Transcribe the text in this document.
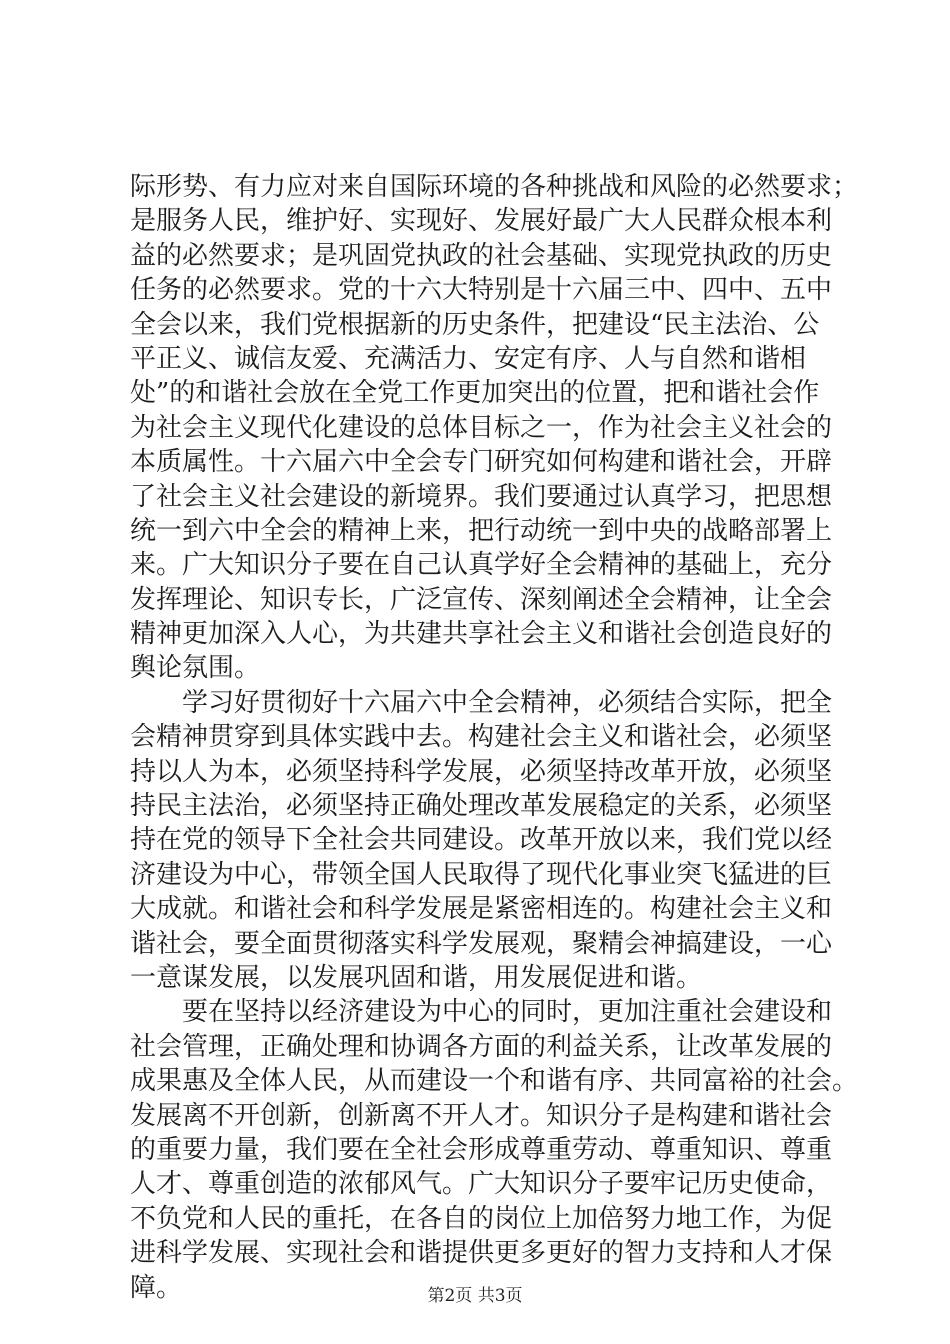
际形势、有力应对来自国际环境的各种挑战和风险的必然要求；
是服务人民，维护好、实现好、发展好最广大人民群众根本利
益的必然要求；是巩固党执政的社会基础、实现党执政的历史
任务的必然要求。党的十六大特别是十六届三中、四中、五中
全会以来，我们党根据新的历史条件，把建设“民主法治、公
平正义、诚信友爱、充满活力、安定有序、人与自然和谐相
处”的和谐社会放在全党工作更加突出的位置，把和谐社会作
为社会主义现代化建设的总体目标之一，作为社会主义社会的
本质属性。十六届六中全会专门研究如何构建和谐社会，开辟
了社会主义社会建设的新境界。我们要通过认真学习，把思想
统一到六中全会的精神上来，把行动统一到中央的战略部署上
来。广大知识分子要在自己认真学好全会精神的基础上，充分
发挥理论、知识专长，广泛宣传、深刻阐述全会精神，让全会
精神更加深入人心，为共建共享社会主义和谐社会创造良好的
舆论氛围。
　　学习好贯彻好十六届六中全会精神，必须结合实际，把全
会精神贯穿到具体实践中去。构建社会主义和谐社会，必须坚
持以人为本，必须坚持科学发展，必须坚持改革开放，必须坚
持民主法治，必须坚持正确处理改革发展稳定的关系，必须坚
持在党的领导下全社会共同建设。改革开放以来，我们党以经
济建设为中心，带领全国人民取得了现代化事业突飞猛进的巨
大成就。和谐社会和科学发展是紧密相连的。构建社会主义和
谐社会，要全面贯彻落实科学发展观，聚精会神搞建设，一心
一意谋发展，以发展巩固和谐，用发展促进和谐。
　　要在坚持以经济建设为中心的同时，更加注重社会建设和
社会管理，正确处理和协调各方面的利益关系，让改革发展的
成果惠及全体人民，从而建设一个和谐有序、共同富裕的社会。
发展离不开创新，创新离不开人才。知识分子是构建和谐社会
的重要力量，我们要在全社会形成尊重劳动、尊重知识、尊重
人才、尊重创造的浓郁风气。广大知识分子要牢记历史使命，
不负党和人民的重托，在各自的岗位上加倍努力地工作，为促
进科学发展、实现社会和谐提供更多更好的智力支持和人才保
障。	第2页 共3页
